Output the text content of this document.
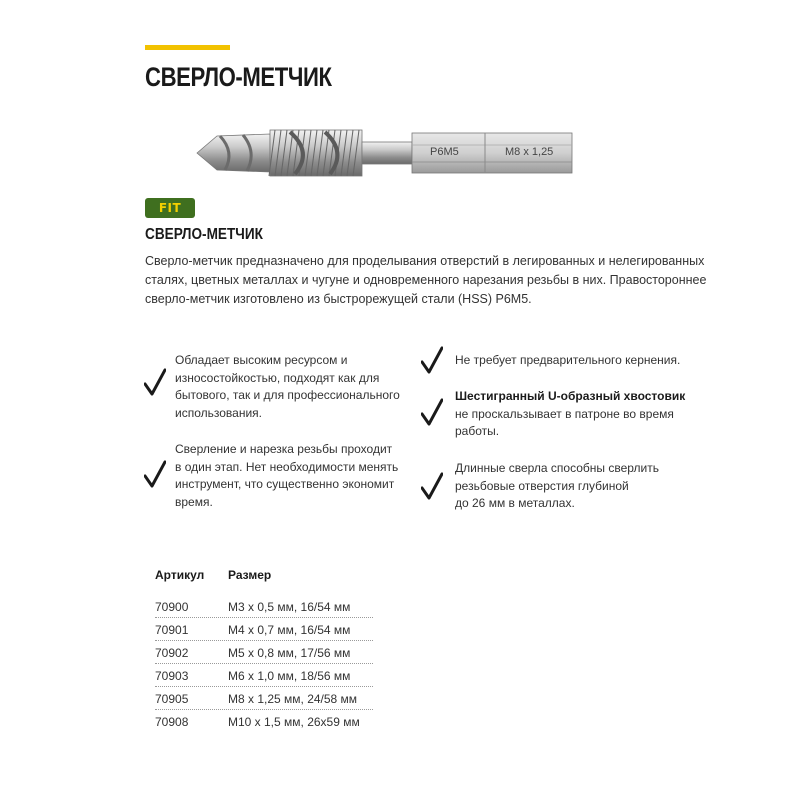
СВЕРЛО-МЕТЧИК
P6M5	M8 x 1,25
FIT
СВЕРЛО-МЕТЧИК
Сверло-метчик предназначено для проделывания отверстий в легированных и нелегированных
сталях, цветных металлах и чугуне и одновременного нарезания резьбы в них. Правостороннее
сверло-метчик изготовлено из быстрорежущей стали (HSS) P6M5.
Обладает высоким ресурсом и
износостойкостью, подходят как для
бытового, так и для профессионального
использования.
Сверление и нарезка резьбы проходит
в один этап. Нет необходимости менять
инструмент, что существенно экономит
время.
Не требует предварительного кернения.
Шестигранный U-образный хвостовик
не проскальзывает в патроне во время
работы.
Длинные сверла способны сверлить
резьбовые отверстия глубиной
до 26 мм в металлах.
Артикул Размер
70900	М3 х 0,5 мм, 16/54 мм
70901	М4 х 0,7 мм, 16/54 мм
70902	М5 х 0,8 мм, 17/56 мм
70903	М6 х 1,0 мм, 18/56 мм
70905	М8 х 1,25 мм, 24/58 мм
70908	М10 х 1,5 мм, 26х59 мм
